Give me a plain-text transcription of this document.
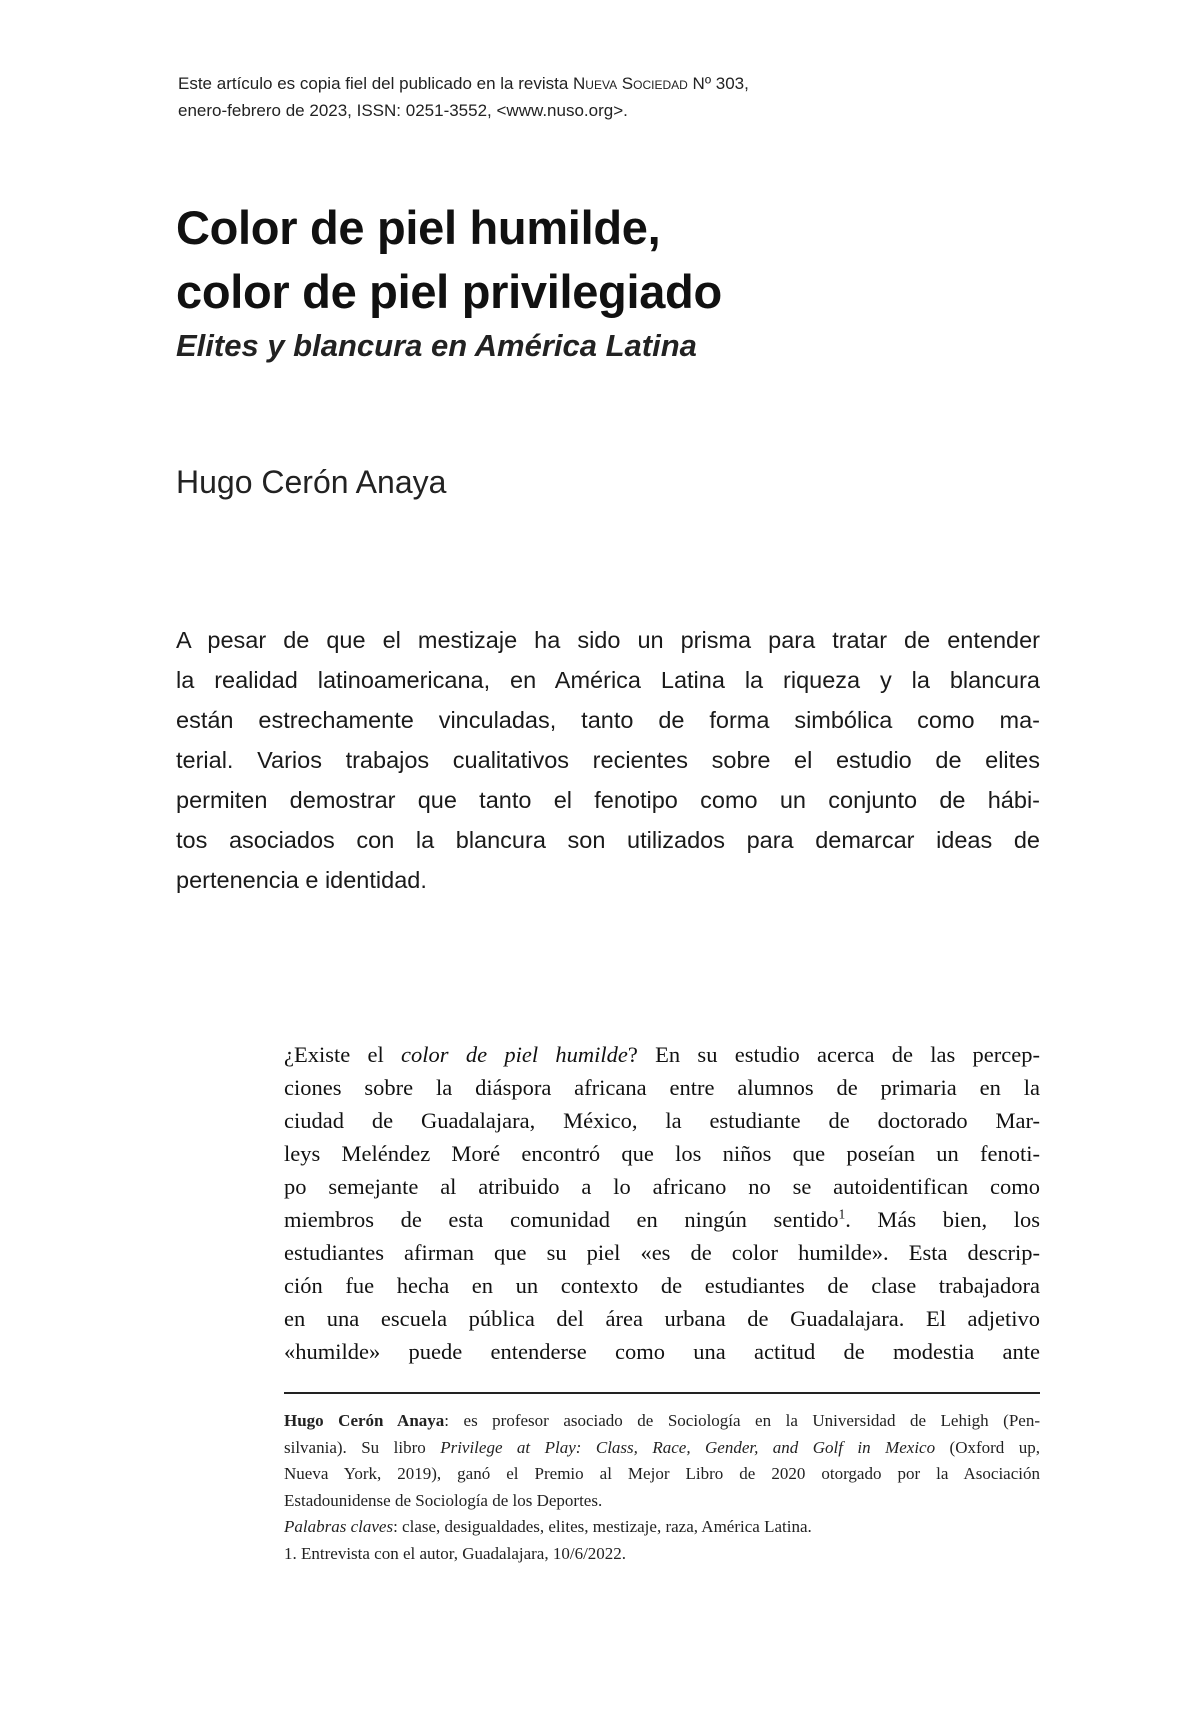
Este artículo es copia fiel del publicado en la revista Nueva Sociedad Nº 303,
enero-febrero de 2023, ISSN: 0251-3552, <www.nuso.org>.
Color de piel humilde,
color de piel privilegiado
Elites y blancura en América Latina
Hugo Cerón Anaya

A pesar de que el mestizaje ha sido un prisma para tratar de entender
la realidad latinoamericana, en América Latina la riqueza y la blancura
están estrechamente vinculadas, tanto de forma simbólica como ma-
terial. Varios trabajos cualitativos recientes sobre el estudio de elites
permiten demostrar que tanto el fenotipo como un conjunto de hábi-
tos asociados con la blancura son utilizados para demarcar ideas de
pertenencia e identidad.

¿Existe el color de piel humilde? En su estudio acerca de las percep-
ciones sobre la diáspora africana entre alumnos de primaria en la
ciudad de Guadalajara, México, la estudiante de doctorado Mar-
leys Meléndez Moré encontró que los niños que poseían un fenoti-
po semejante al atribuido a lo africano no se autoidentifican como
miembros de esta comunidad en ningún sentido$^1$. Más bien, los
estudiantes afirman que su piel «es de color humilde». Esta descrip-
ción fue hecha en un contexto de estudiantes de clase trabajadora
en una escuela pública del área urbana de Guadalajara. El adjetivo
«humilde» puede entenderse como una actitud de modestia ante
Hugo Cerón Anaya: es profesor asociado de Sociología en la Universidad de Lehigh (Pen-
silvania). Su libro Privilege at Play: Class, Race, Gender, and Golf in Mexico (Oxford up,
Nueva York, 2019), ganó el Premio al Mejor Libro de 2020 otorgado por la Asociación
Estadounidense de Sociología de los Deportes.

Palabras claves: clase, desigualdades, elites, mestizaje, raza, América Latina.

1. Entrevista con el autor, Guadalajara, 10/6/2022.
